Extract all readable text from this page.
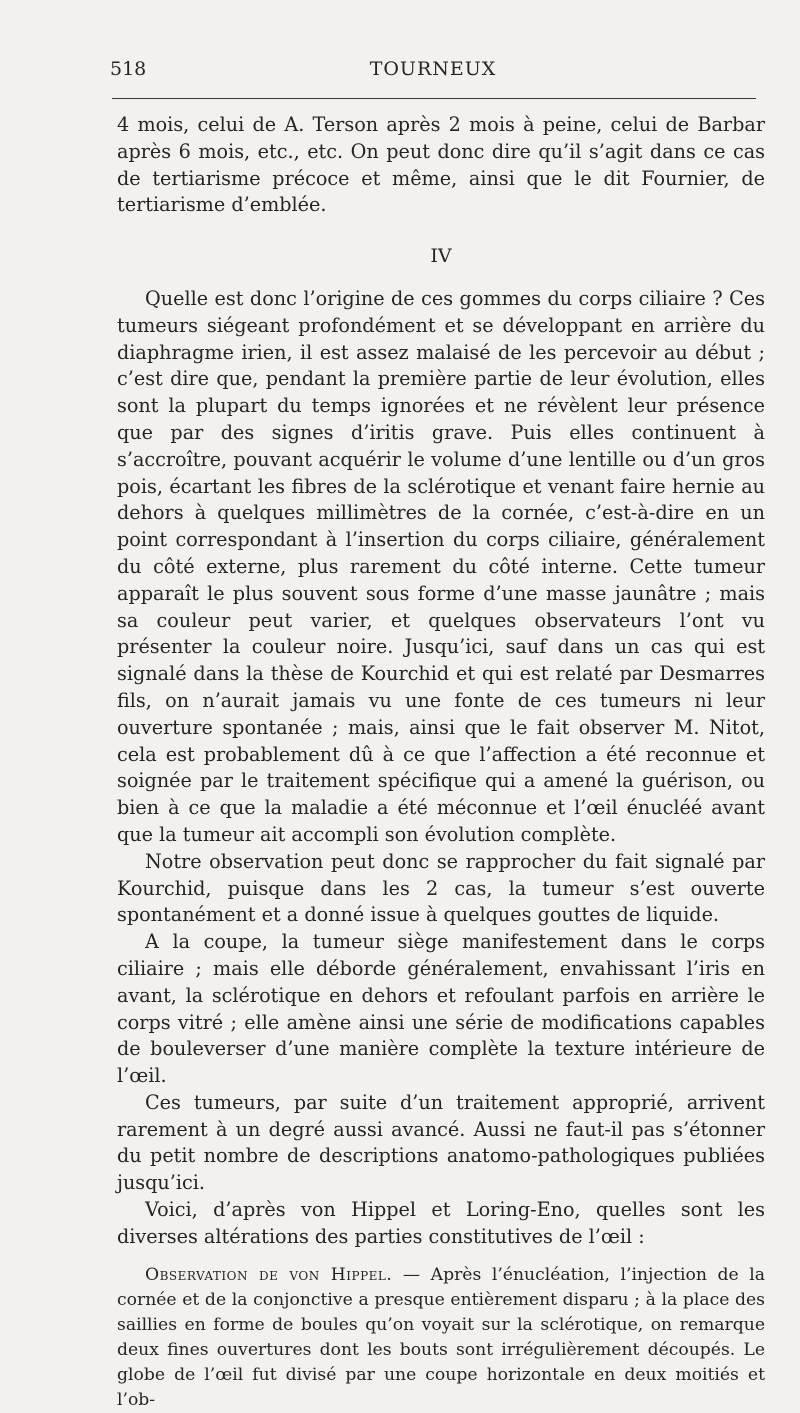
518	TOURNEUX

4 mois, celui de A. Terson après 2 mois à peine, celui de Barbar après 6 mois, etc., etc. On peut donc dire qu’il s’agit dans ce cas de tertiarisme précoce et même, ainsi que le dit Fournier, de tertiarisme d’emblée.

IV

Quelle est donc l’origine de ces gommes du corps ciliaire ? Ces tumeurs siégeant profondément et se développant en arrière du diaphragme irien, il est assez malaisé de les percevoir au début ; c’est dire que, pendant la première partie de leur évolution, elles sont la plupart du temps ignorées et ne révèlent leur présence que par des signes d’iritis grave. Puis elles continuent à s’accroître, pouvant acquérir le volume d’une lentille ou d’un gros pois, écartant les fibres de la sclérotique et venant faire hernie au dehors à quelques millimètres de la cornée, c’est-à-dire en un point correspondant à l’insertion du corps ciliaire, généralement du côté externe, plus rarement du côté interne. Cette tumeur apparaît le plus souvent sous forme d’une masse jaunâtre ; mais sa couleur peut varier, et quelques observateurs l’ont vu présenter la couleur noire. Jusqu’ici, sauf dans un cas qui est signalé dans la thèse de Kourchid et qui est relaté par Desmarres fils, on n’aurait jamais vu une fonte de ces tumeurs ni leur ouverture spontanée ; mais, ainsi que le fait observer M. Nitot, cela est probablement dû à ce que l’affection a été reconnue et soignée par le traitement spécifique qui a amené la guérison, ou bien à ce que la maladie a été méconnue et l’œil énucléé avant que la tumeur ait accompli son évolution complète.

Notre observation peut donc se rapprocher du fait signalé par Kourchid, puisque dans les 2 cas, la tumeur s’est ouverte spontanément et a donné issue à quelques gouttes de liquide.

A la coupe, la tumeur siège manifestement dans le corps ciliaire ; mais elle déborde généralement, envahissant l’iris en avant, la sclérotique en dehors et refoulant parfois en arrière le corps vitré ; elle amène ainsi une série de modifications capables de bouleverser d’une manière complète la texture intérieure de l’œil.

Ces tumeurs, par suite d’un traitement approprié, arrivent rarement à un degré aussi avancé. Aussi ne faut-il pas s’étonner du petit nombre de descriptions anatomo-pathologiques publiées jusqu’ici.

Voici, d’après von Hippel et Loring-Eno, quelles sont les diverses altérations des parties constitutives de l’œil :

Observation de von Hippel. — Après l’énucléation, l’injection de la cornée et de la conjonctive a presque entièrement disparu ; à la place des saillies en forme de boules qu’on voyait sur la sclérotique, on remarque deux fines ouvertures dont les bouts sont irrégulièrement découpés. Le globe de l’œil fut divisé par une coupe horizontale en deux moitiés et l’ob-
